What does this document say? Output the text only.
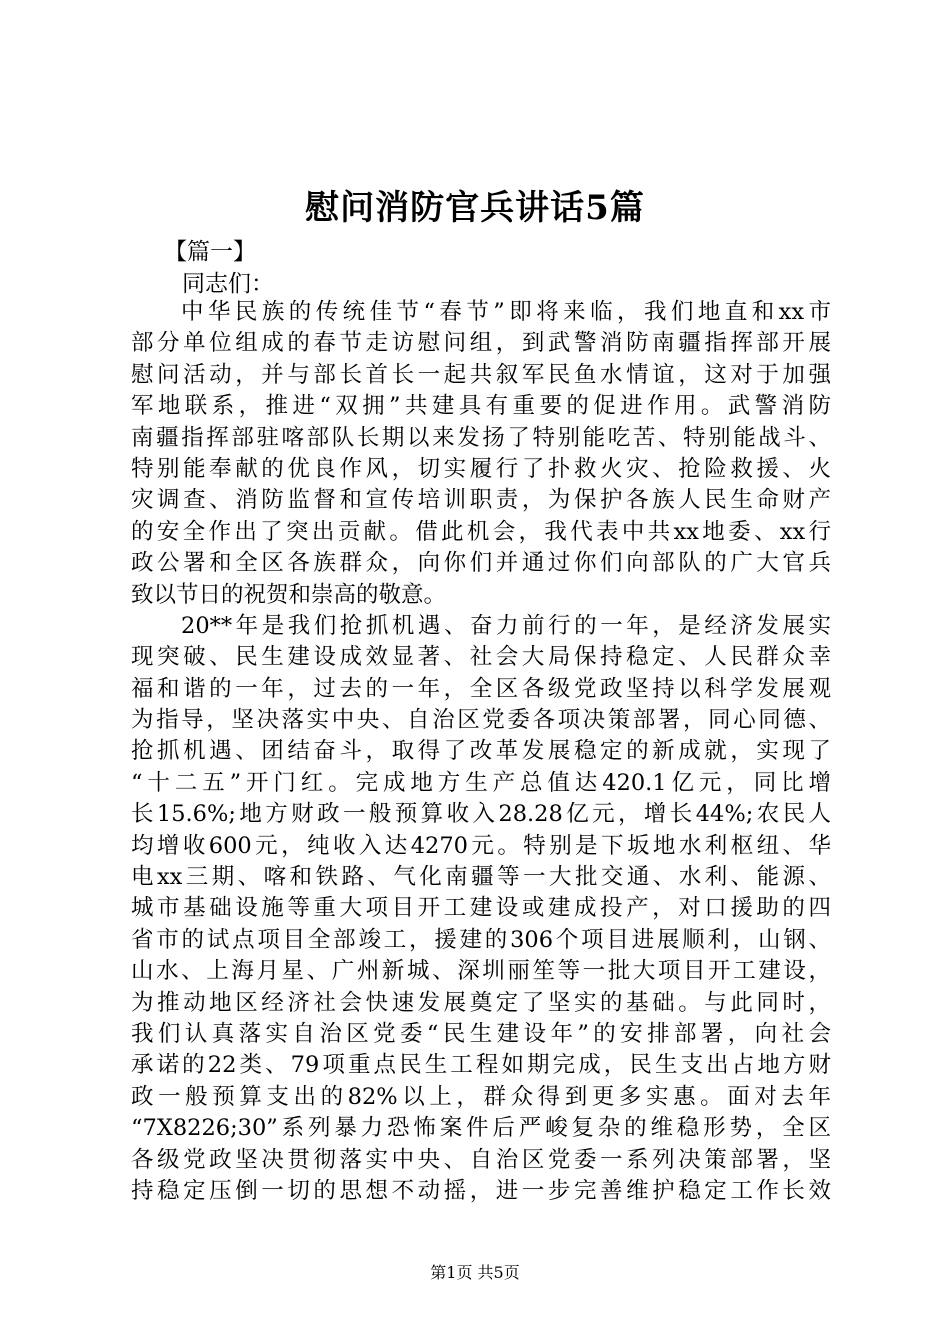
慰问消防官兵讲话5篇
【篇一】
同志们：
中华民族的传统佳节“春节”即将来临，我们地直和xx市
部分单位组成的春节走访慰问组，到武警消防南疆指挥部开展
慰问活动，并与部长首长一起共叙军民鱼水情谊，这对于加强
军地联系，推进“双拥”共建具有重要的促进作用。武警消防
南疆指挥部驻喀部队长期以来发扬了特别能吃苦、特别能战斗、
特别能奉献的优良作风，切实履行了扑救火灾、抢险救援、火
灾调查、消防监督和宣传培训职责，为保护各族人民生命财产
的安全作出了突出贡献。借此机会，我代表中共xx地委、xx行
政公署和全区各族群众，向你们并通过你们向部队的广大官兵
致以节日的祝贺和崇高的敬意。
20**年是我们抢抓机遇、奋力前行的一年，是经济发展实
现突破、民生建设成效显著、社会大局保持稳定、人民群众幸
福和谐的一年，过去的一年，全区各级党政坚持以科学发展观
为指导，坚决落实中央、自治区党委各项决策部署，同心同德、
抢抓机遇、团结奋斗，取得了改革发展稳定的新成就，实现了
“十二五”开门红。完成地方生产总值达420.1亿元，同比增
长15.6%;地方财政一般预算收入28.28亿元，增长44%;农民人
均增收600元，纯收入达4270元。特别是下坂地水利枢纽、华
电xx三期、喀和铁路、气化南疆等一大批交通、水利、能源、
城市基础设施等重大项目开工建设或建成投产，对口援助的四
省市的试点项目全部竣工，援建的306个项目进展顺利，山钢、
山水、上海月星、广州新城、深圳丽笙等一批大项目开工建设，
为推动地区经济社会快速发展奠定了坚实的基础。与此同时，
我们认真落实自治区党委“民生建设年”的安排部署，向社会
承诺的22类、79项重点民生工程如期完成，民生支出占地方财
政一般预算支出的82%以上，群众得到更多实惠。面对去年
“7X8226;30”系列暴力恐怖案件后严峻复杂的维稳形势，全区
各级党政坚决贯彻落实中央、自治区党委一系列决策部署，坚
持稳定压倒一切的思想不动摇，进一步完善维护稳定工作长效
第1页 共5页
